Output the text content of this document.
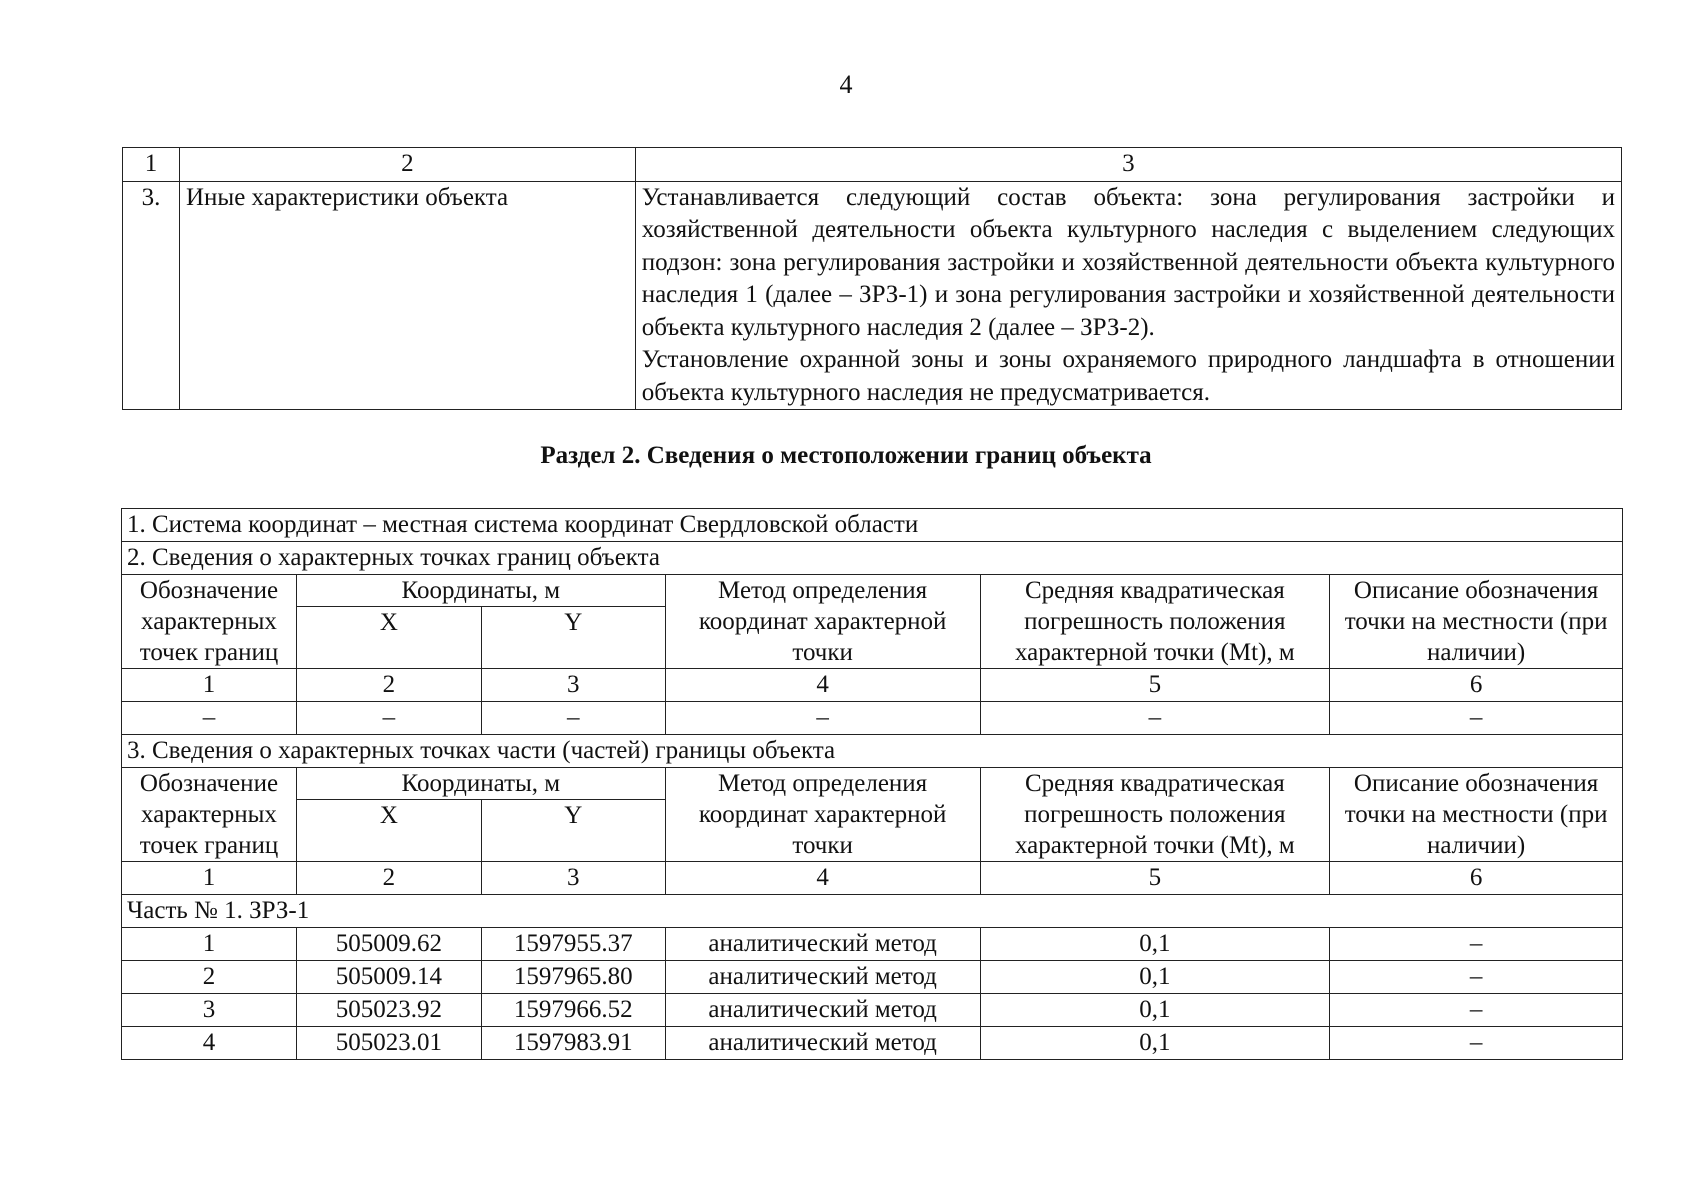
4
1	2	3
3.	Иные характеристики объекта	Устанавливается следующий состав объекта: зона регулирования застройки и хозяйственной деятельности объекта культурного наследия с выделением следующих подзон: зона регулирования застройки и хозяйственной деятельности объекта культурного наследия 1 (далее – ЗРЗ-1) и зона регулирования застройки и хозяйственной деятельности объекта культурного наследия 2 (далее – ЗРЗ-2).

Установление охранной зоны и зоны охраняемого природного ландшафта в отношении объекта культурного наследия не предусматривается.

Раздел 2. Сведения о местоположении границ объекта
1. Система координат – местная система координат Свердловской области					
2. Сведения о характерных точках границ объекта					
Обозначение характерных точек границ	Координаты, м		Метод определения координат характерной точки	Средняя квадратическая погрешность положения характерной точки (Mt), м	Описание обозначения точки на местности (при наличии)
	X	Y			
1	2	3	4	5	6
–	–	–	–	–	–
3. Сведения о характерных точках части (частей) границы объекта					
Обозначение характерных точек границ	Координаты, м		Метод определения координат характерной точки	Средняя квадратическая погрешность положения характерной точки (Mt), м	Описание обозначения точки на местности (при наличии)
	X	Y			
1	2	3	4	5	6
Часть № 1. ЗРЗ-1					
1	505009.62	1597955.37	аналитический метод	0,1	–
2	505009.14	1597965.80	аналитический метод	0,1	–
3	505023.92	1597966.52	аналитический метод	0,1	–
4	505023.01	1597983.91	аналитический метод	0,1	–
